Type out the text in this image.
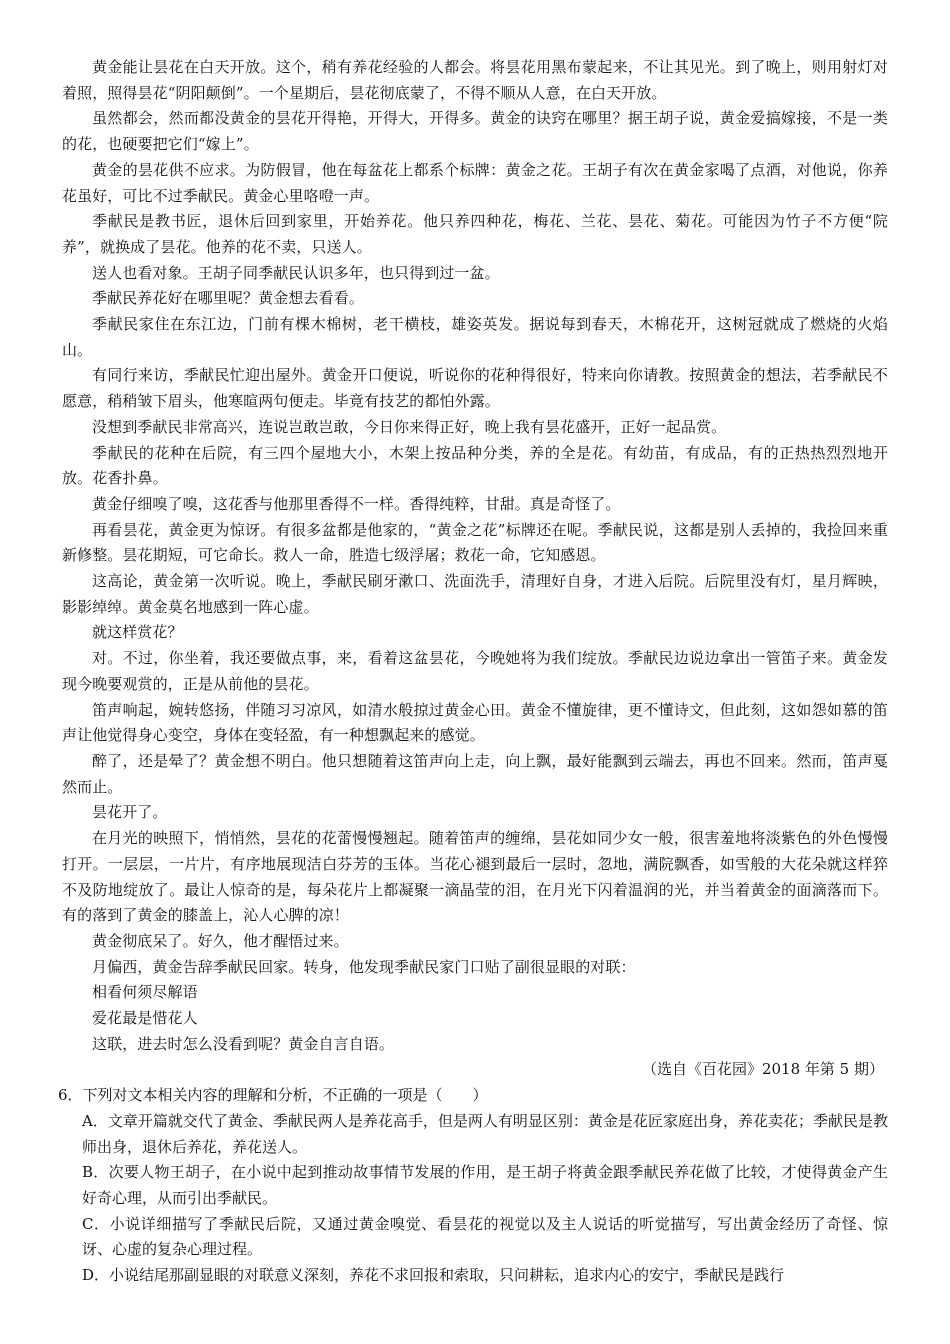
黄金能让昙花在白天开放。这个，稍有养花经验的人都会。将昙花用黑布蒙起来，不让其见光。到了晚上，则用射灯对着照，照得昙花“阴阳颠倒”。一个星期后，昙花彻底蒙了，不得不顺从人意，在白天开放。

虽然都会，然而都没黄金的昙花开得艳，开得大，开得多。黄金的诀窍在哪里？据王胡子说，黄金爱搞嫁接，不是一类的花，也硬要把它们“嫁上”。

黄金的昙花供不应求。为防假冒，他在每盆花上都系个标牌：黄金之花。王胡子有次在黄金家喝了点酒，对他说，你养花虽好，可比不过季献民。黄金心里咯噔一声。

季献民是教书匠，退休后回到家里，开始养花。他只养四种花，梅花、兰花、昙花、菊花。可能因为竹子不方便“院养”，就换成了昙花。他养的花不卖，只送人。

送人也看对象。王胡子同季献民认识多年，也只得到过一盆。

季献民养花好在哪里呢？黄金想去看看。

季献民家住在东江边，门前有棵木棉树，老干横枝，雄姿英发。据说每到春天，木棉花开，这树冠就成了燃烧的火焰山。

有同行来访，季献民忙迎出屋外。黄金开口便说，听说你的花种得很好，特来向你请教。按照黄金的想法，若季献民不愿意，稍稍皱下眉头，他寒暄两句便走。毕竟有技艺的都怕外露。

没想到季献民非常高兴，连说岂敢岂敢，今日你来得正好，晚上我有昙花盛开，正好一起品赏。

季献民的花种在后院，有三四个屋地大小，木架上按品种分类，养的全是花。有幼苗，有成品，有的正热热烈烈地开放。花香扑鼻。

黄金仔细嗅了嗅，这花香与他那里香得不一样。香得纯粹，甘甜。真是奇怪了。

再看昙花，黄金更为惊讶。有很多盆都是他家的，“黄金之花”标牌还在呢。季献民说，这都是别人丢掉的，我捡回来重新修整。昙花期短，可它命长。救人一命，胜造七级浮屠；救花一命，它知感恩。

这高论，黄金第一次听说。晚上，季献民刷牙漱口、洗面洗手，清理好自身，才进入后院。后院里没有灯，星月辉映，影影绰绰。黄金莫名地感到一阵心虚。

就这样赏花？

对。不过，你坐着，我还要做点事，来，看着这盆昙花，今晚她将为我们绽放。季献民边说边拿出一管笛子来。黄金发现今晚要观赏的，正是从前他的昙花。

笛声响起，婉转悠扬，伴随习习凉风，如清水般掠过黄金心田。黄金不懂旋律，更不懂诗文，但此刻，这如怨如慕的笛声让他觉得身心变空，身体在变轻盈，有一种想飘起来的感觉。

醉了，还是晕了？黄金想不明白。他只想随着这笛声向上走，向上飘，最好能飘到云端去，再也不回来。然而，笛声戛然而止。

昙花开了。

在月光的映照下，悄悄然，昙花的花蕾慢慢翘起。随着笛声的缠绵，昙花如同少女一般，很害羞地将淡紫色的外色慢慢打开。一层层，一片片，有序地展现洁白芬芳的玉体。当花心褪到最后一层时，忽地，满院飘香，如雪般的大花朵就这样猝不及防地绽放了。最让人惊奇的是，每朵花片上都凝聚一滴晶莹的泪，在月光下闪着温润的光，并当着黄金的面滴落而下。有的落到了黄金的膝盖上，沁人心脾的凉！

黄金彻底呆了。好久，他才醒悟过来。

月偏西，黄金告辞季献民回家。转身，他发现季献民家门口贴了副很显眼的对联：

相看何须尽解语

爱花最是惜花人

这联，进去时怎么没看到呢？黄金自言自语。

（选自《百花园》2018 年第 5 期）

6．下列对文本相关内容的理解和分析，不正确的一项是（　　）

A．文章开篇就交代了黄金、季献民两人是养花高手，但是两人有明显区别：黄金是花匠家庭出身，养花卖花；季献民是教师出身，退休后养花，养花送人。

B．次要人物王胡子，在小说中起到推动故事情节发展的作用，是王胡子将黄金跟季献民养花做了比较，才使得黄金产生好奇心理，从而引出季献民。

C．小说详细描写了季献民后院，又通过黄金嗅觉、看昙花的视觉以及主人说话的听觉描写，写出黄金经历了奇怪、惊讶、心虚的复杂心理过程。

D．小说结尾那副显眼的对联意义深刻，养花不求回报和索取，只问耕耘，追求内心的安宁，季献民是践行
